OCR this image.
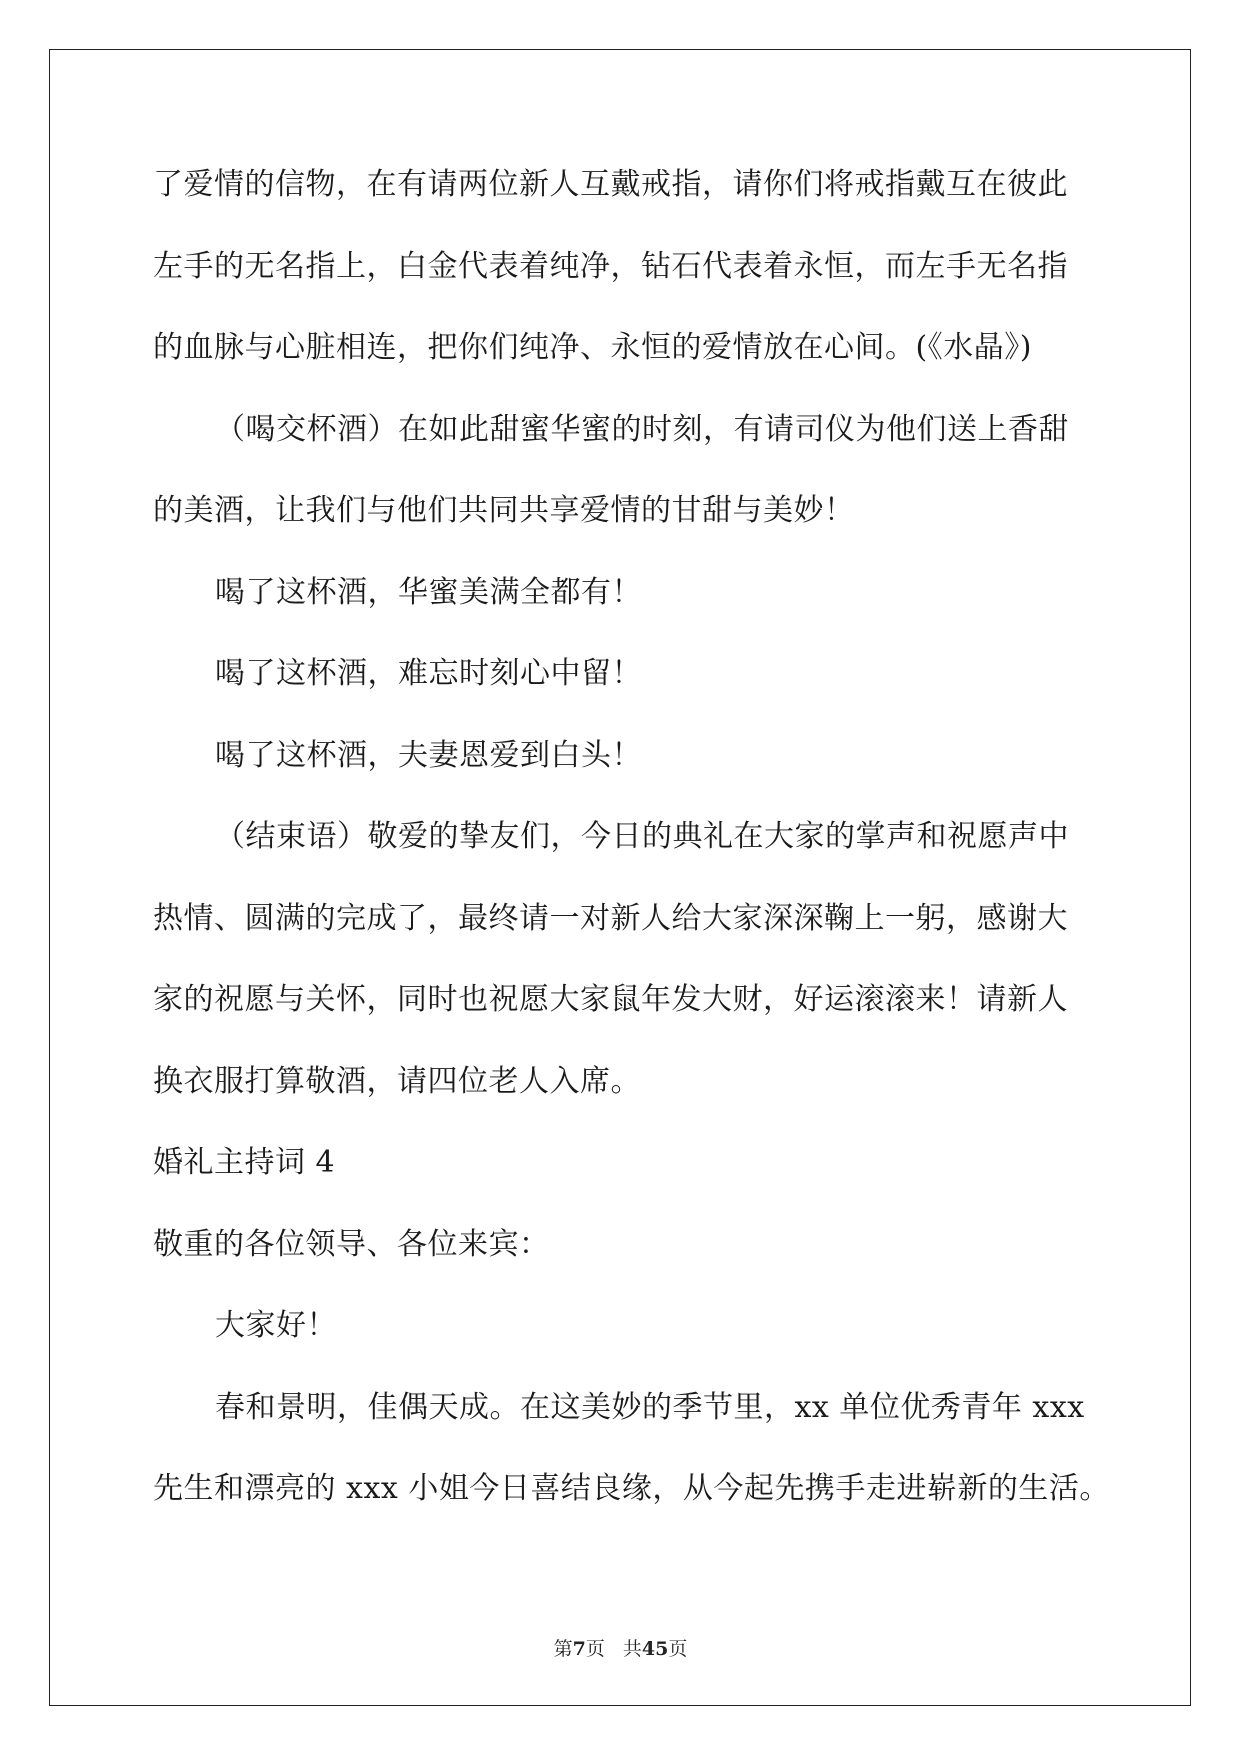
了爱情的信物，在有请两位新人互戴戒指，请你们将戒指戴互在彼此
左手的无名指上，白金代表着纯净，钻石代表着永恒，而左手无名指
的血脉与心脏相连，把你们纯净、永恒的爱情放在心间。(《水晶》)
（喝交杯酒）在如此甜蜜华蜜的时刻，有请司仪为他们送上香甜
的美酒，让我们与他们共同共享爱情的甘甜与美妙！
喝了这杯酒，华蜜美满全都有！
喝了这杯酒，难忘时刻心中留！
喝了这杯酒，夫妻恩爱到白头！
（结束语）敬爱的挚友们，今日的典礼在大家的掌声和祝愿声中
热情、圆满的完成了，最终请一对新人给大家深深鞠上一躬，感谢大
家的祝愿与关怀，同时也祝愿大家鼠年发大财，好运滚滚来！请新人
换衣服打算敬酒，请四位老人入席。
婚礼主持词 4
敬重的各位领导、各位来宾：
大家好！
春和景明，佳偶天成。在这美妙的季节里，xx 单位优秀青年 xxx
先生和漂亮的 xxx 小姐今日喜结良缘，从今起先携手走进崭新的生活。
第7页 共45页
